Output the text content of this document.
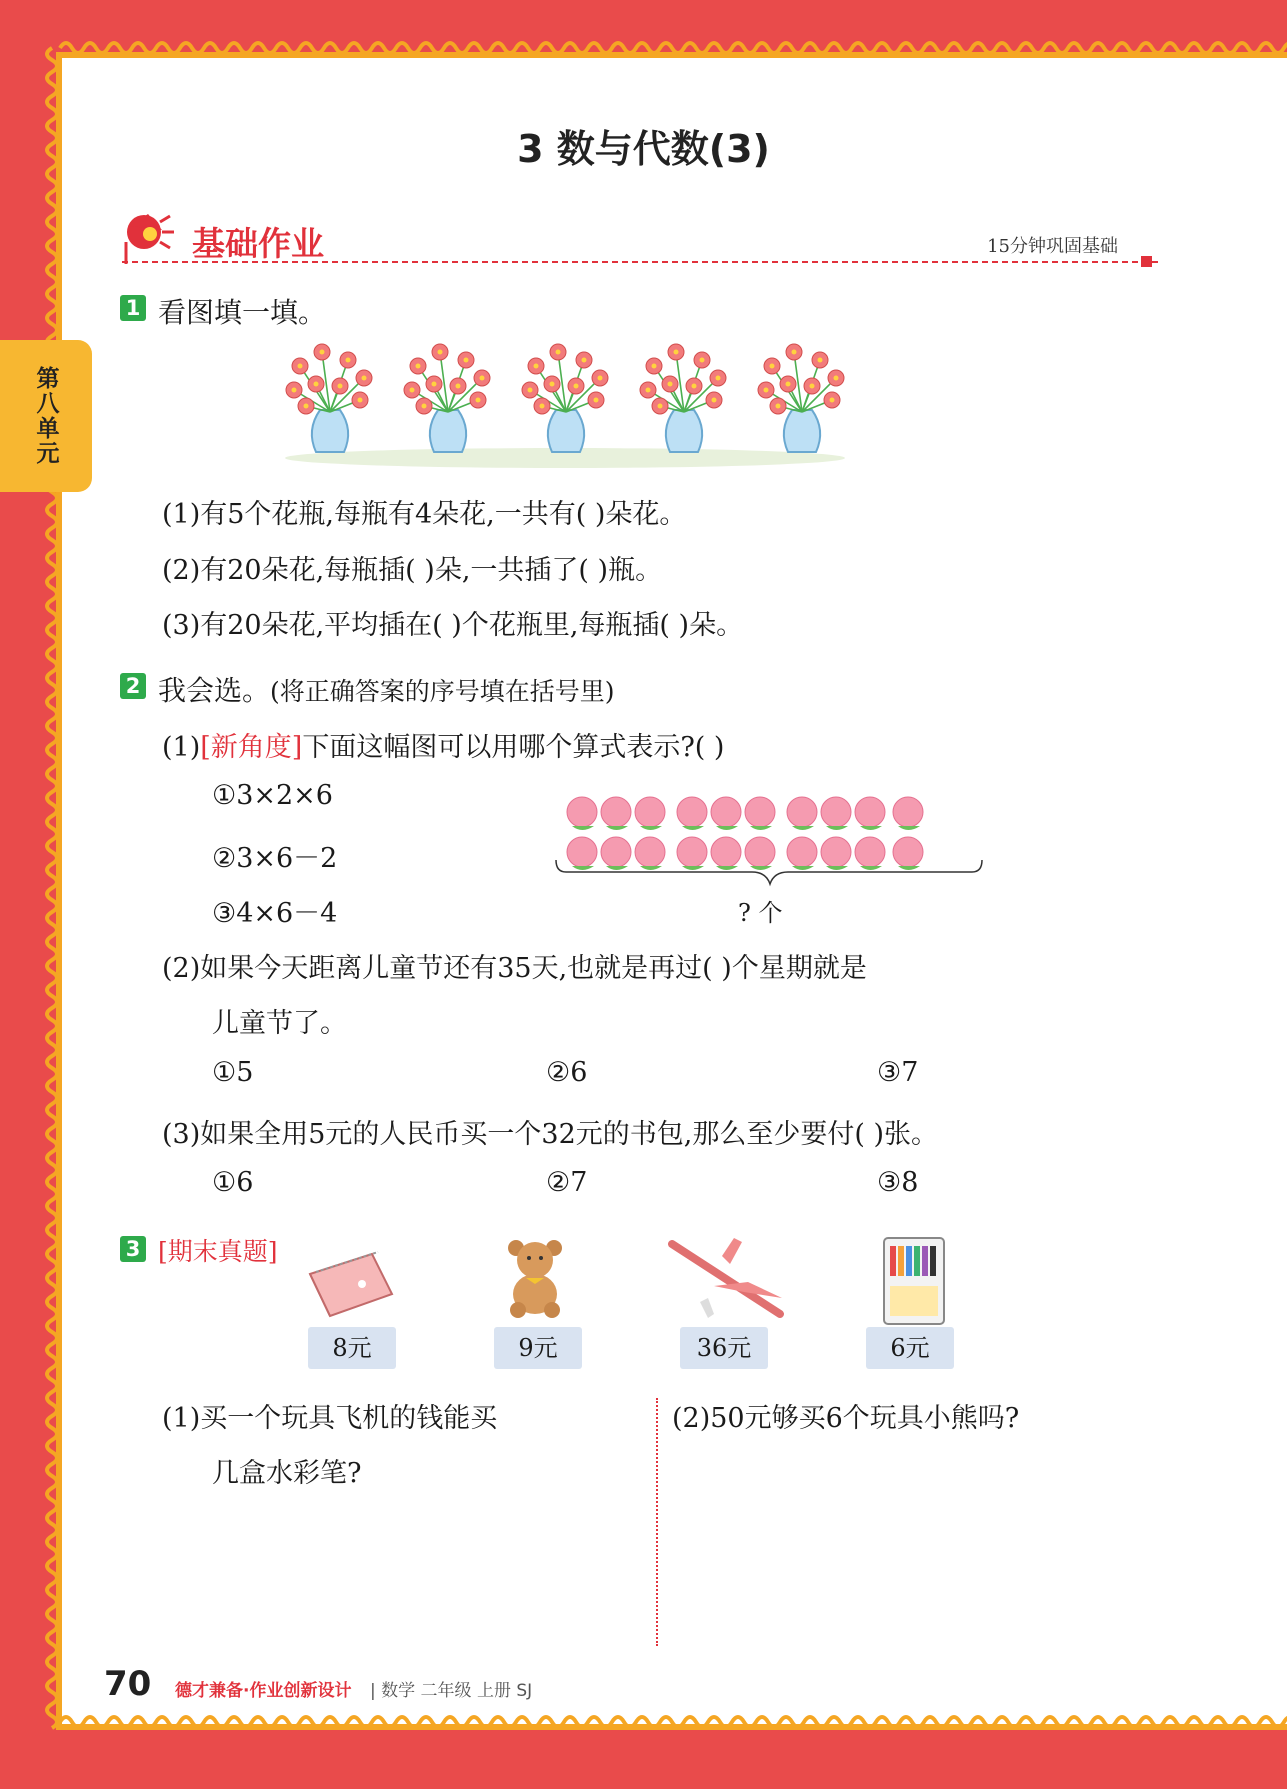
第八单元
3 数与代数(3)
基础作业	15分钟巩固基础
1 看图填一填。
(1)有5个花瓶,每瓶有4朵花,一共有( )朵花。
(2)有20朵花,每瓶插( )朵,一共插了( )瓶。
(3)有20朵花,平均插在( )个花瓶里,每瓶插( )朵。
2 我会选。(将正确答案的序号填在括号里)
(1)[新角度]下面这幅图可以用哪个算式表示?( )
①3×2×6
②3×6－2
③4×6－4	? 个
(2)如果今天距离儿童节还有35天,也就是再过( )个星期就是
儿童节了。
①5	②6	③7
(3)如果全用5元的人民币买一个32元的书包,那么至少要付( )张。
①6	②7	③8
3 [期末真题]
8元	9元	36元	6元
(1)买一个玩具飞机的钱能买
几盒水彩笔?
(2)50元够买6个玩具小熊吗?
70 德才兼备·作业创新设计 | 数学 二年级 上册 SJ
